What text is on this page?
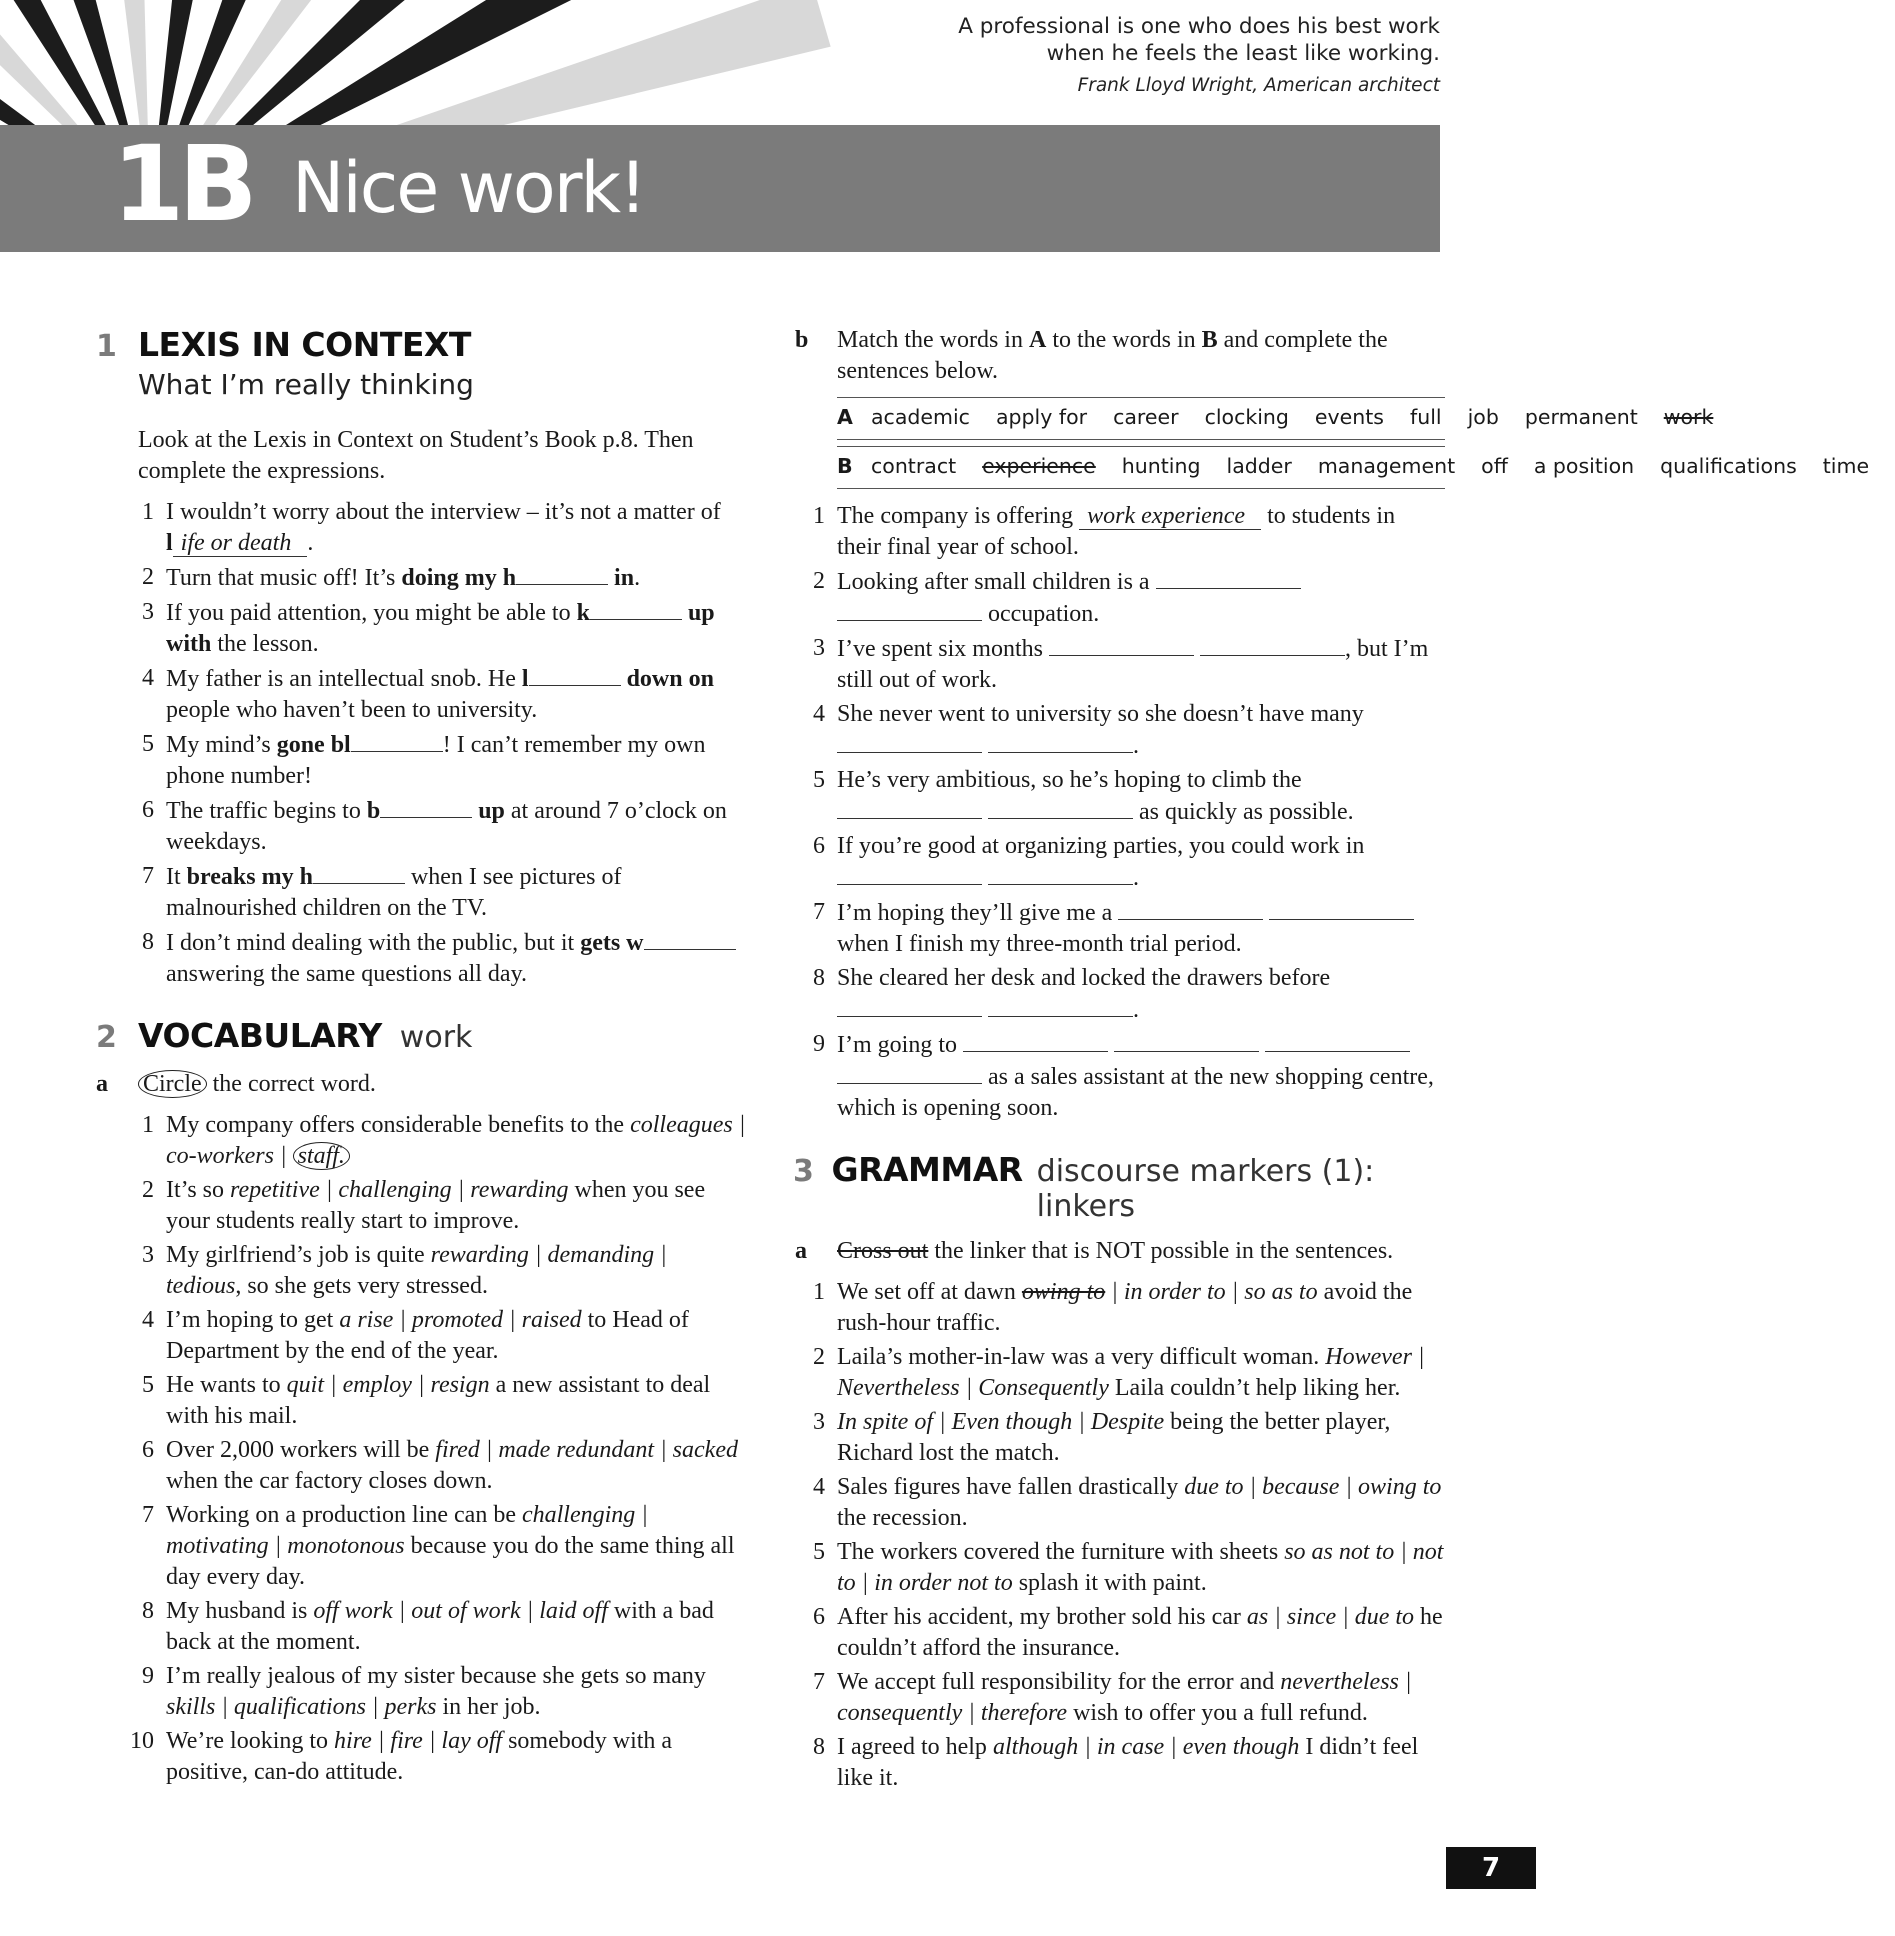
1B Nice work!
A professional is one who does his best work
when he feels the least like working.
Frank Lloyd Wright, American architect
1 LEXIS IN CONTEXT
What I’m really thinking
Look at the Lexis in Context on Student’s Book p.8. Then complete the expressions.
1 I wouldn’t worry about the interview – it’s not a matter of l ife or death .
2 Turn that music off! It’s doing my h	in.
3 If you paid attention, you might be able to k	up with the lesson.
4 My father is an intellectual snob. He l	down on people who haven’t been to university.
5 My mind’s gone bl	! I can’t remember my own phone number!
6 The traffic begins to b	up at around 7 o’clock on weekdays.
7 It breaks my h	when I see pictures of malnourished children on the TV.
8 I don’t mind dealing with the public, but it gets w answering the same questions all day.
2 VOCABULARY work
a	Circle the correct word.
1 My company offers considerable benefits to the colleagues | co-workers | staff.
2 It’s so repetitive | challenging | rewarding when you see your students really start to improve.
3 My girlfriend’s job is quite rewarding | demanding | tedious, so she gets very stressed.
4 I’m hoping to get a rise | promoted | raised to Head of Department by the end of the year.
5 He wants to quit | employ | resign a new assistant to deal with his mail.
6 Over 2,000 workers will be fired | made redundant | sacked when the car factory closes down.
7 Working on a production line can be challenging | motivating | monotonous because you do the same thing all day every day.
8 My husband is off work | out of work | laid off with a bad back at the moment.
9 I’m really jealous of my sister because she gets so many skills | qualifications | perks in her job.
10 We’re looking to hire | fire | lay off somebody with a positive, can-do attitude.
b	Match the words in A to the words in B and complete the sentences below.
A academic apply for career clocking events full job permanent work
B contract experience hunting ladder management off a position qualifications time
1 The company is offering work experience to students in their final year of school.
2 Looking after small children is a   occupation.
3 I’ve spent six months	, but I’m still out of work.
4 She never went to university so she doesn’t have many  .
5 He’s very ambitious, so he’s hoping to climb the   as quickly as possible.
6 If you’re good at organizing parties, you could work in  .
7 I’m hoping they’ll give me a   when I finish my three-month trial period.
8 She cleared her desk and locked the drawers before  .
9 I’m going to     as a sales assistant at the new shopping centre, which is opening soon.
3 GRAMMAR discourse markers (1): linkers
a	Cross out the linker that is NOT possible in the sentences.
1 We set off at dawn owing to | in order to | so as to avoid the rush-hour traffic.
2 Laila’s mother-in-law was a very difficult woman. However | Nevertheless | Consequently Laila couldn’t help liking her.
3 In spite of | Even though | Despite being the better player, Richard lost the match.
4 Sales figures have fallen drastically due to | because | owing to the recession.
5 The workers covered the furniture with sheets so as not to | not to | in order not to splash it with paint.
6 After his accident, my brother sold his car as | since | due to he couldn’t afford the insurance.
7 We accept full responsibility for the error and nevertheless | consequently | therefore wish to offer you a full refund.
8 I agreed to help although | in case | even though I didn’t feel like it.
7
